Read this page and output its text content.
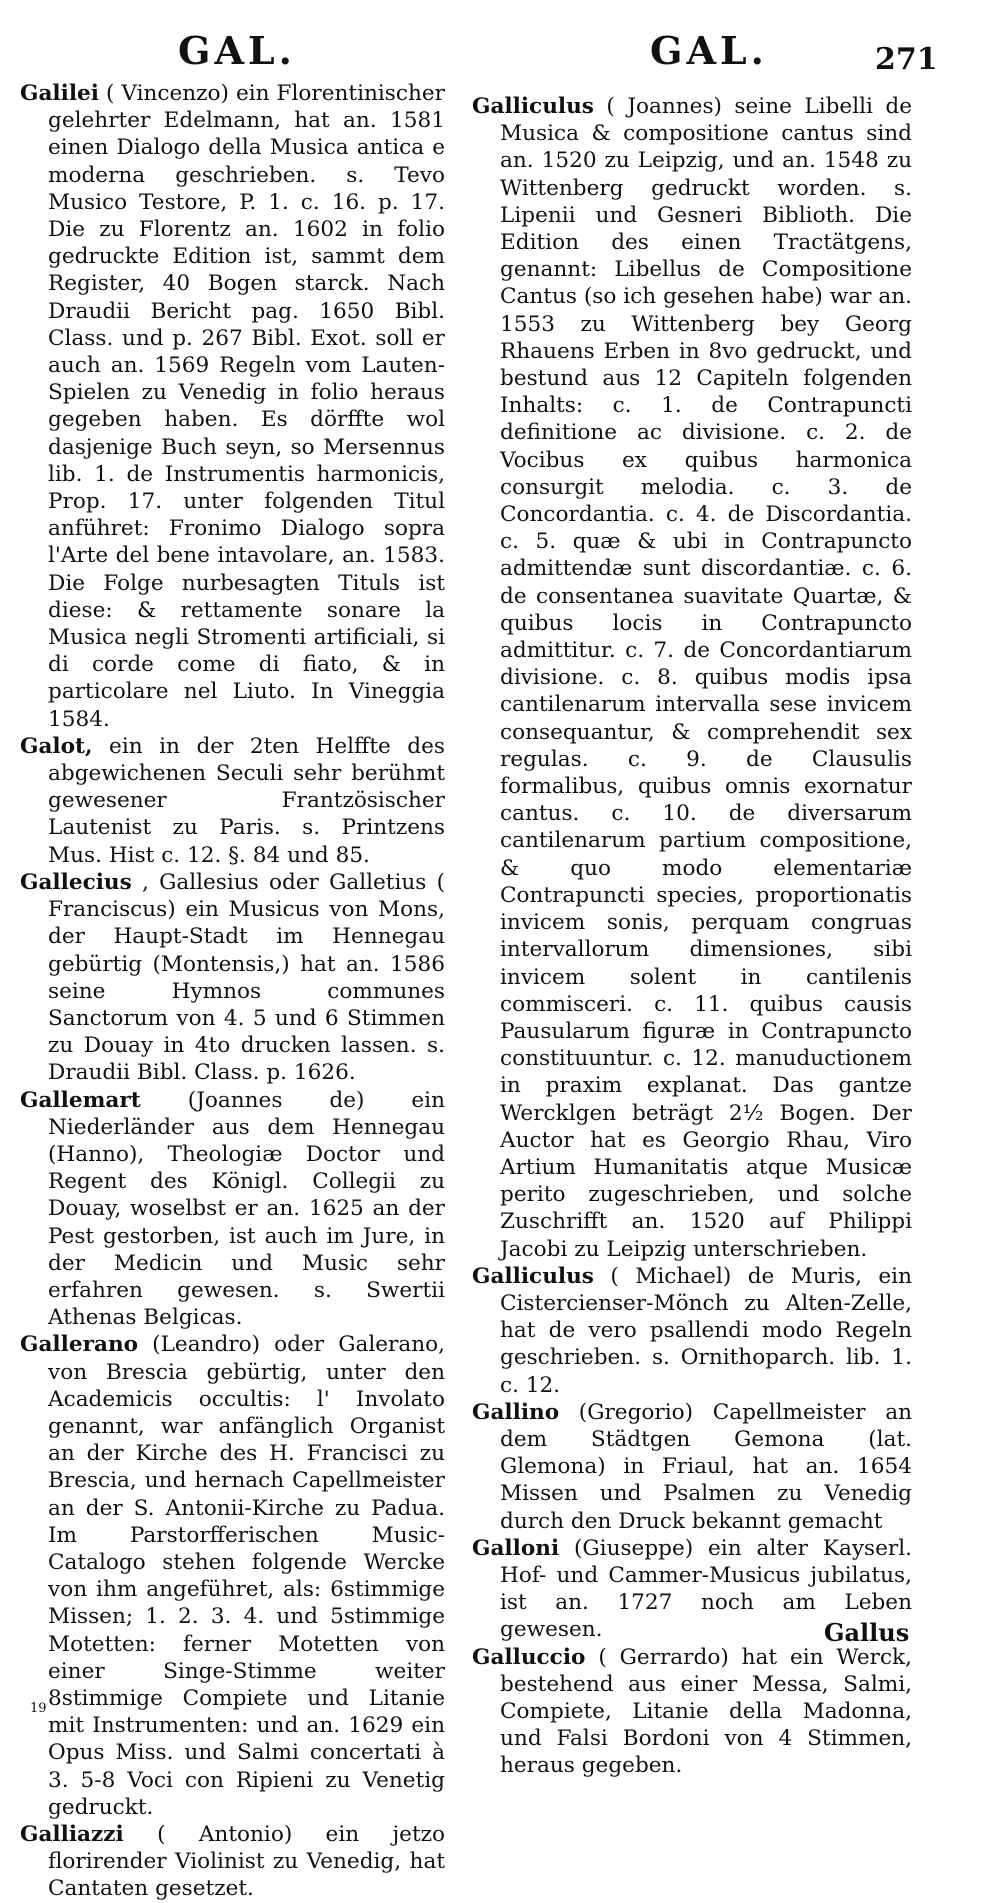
GAL.	GAL.	271

Galilei ( Vincenzo) ein Florentinischer gelehrter Edelmann, hat an. 1581 einen Dialogo della Musica antica e moderna geschrieben. s. Tevo Musico Testore, P. 1. c. 16. p. 17. Die zu Florentz an. 1602 in folio gedruckte Edition ist, sammt dem Register, 40 Bogen starck. Nach Draudii Bericht pag. 1650 Bibl. Class. und p. 267 Bibl. Exot. soll er auch an. 1569 Regeln vom Lauten-Spielen zu Venedig in folio heraus gegeben haben. Es dörffte wol dasjenige Buch seyn, so Mersennus lib. 1. de Instrumentis harmonicis, Prop. 17. unter folgenden Titul anführet: Fronimo Dialogo sopra l'Arte del bene intavolare, an. 1583. Die Folge nurbesagten Tituls ist diese: & rettamente sonare la Musica negli Stromenti artificiali, si di corde come di fiato, & in particolare nel Liuto. In Vineggia 1584.

Galot, ein in der 2ten Helffte des abgewichenen Seculi sehr berühmt gewesener Frantzösischer Lautenist zu Paris. s. Printzens Mus. Hist c. 12. §. 84 und 85.

Gallecius , Gallesius oder Galletius ( Franciscus) ein Musicus von Mons, der Haupt-Stadt im Hennegau gebürtig (Montensis,) hat an. 1586 seine Hymnos communes Sanctorum von 4. 5 und 6 Stimmen zu Douay in 4to drucken lassen. s. Draudii Bibl. Class. p. 1626.

Gallemart (Joannes de) ein Niederländer aus dem Hennegau (Hanno), Theologiæ Doctor und Regent des Königl. Collegii zu Douay, woselbst er an. 1625 an der Pest gestorben, ist auch im Jure, in der Medicin und Music sehr erfahren gewesen. s. Swertii Athenas Belgicas.

Gallerano (Leandro) oder Galerano, von Brescia gebürtig, unter den Academicis occultis: l' Involato genannt, war anfänglich Organist an der Kirche des H. Francisci zu Brescia, und hernach Capellmeister an der S. Antonii-Kirche zu Padua. Im Parstorfferischen Music-Catalogo stehen folgende Wercke von ihm angeführet, als: 6stimmige Missen; 1. 2. 3. 4. und 5stimmige Motetten: ferner Motetten von einer Singe-Stimme weiter 8stimmige Compiete und Litanie mit Instrumenten: und an. 1629 ein Opus Miss. und Salmi concertati à 3. 5-8 Voci con Ripieni zu Venetig gedruckt.

Galliazzi ( Antonio) ein jetzo florirender Violinist zu Venedig, hat Cantaten gesetzet.

Galliculus ( Joannes) seine Libelli de Musica & compositione cantus sind an. 1520 zu Leipzig, und an. 1548 zu Wittenberg gedruckt worden. s. Lipenii und Gesneri Biblioth. Die Edition des einen Tractätgens, genannt: Libellus de Compositione Cantus (so ich gesehen habe) war an. 1553 zu Wittenberg bey Georg Rhauens Erben in 8vo gedruckt, und bestund aus 12 Capiteln folgenden Inhalts: c. 1. de Contrapuncti definitione ac divisione. c. 2. de Vocibus ex quibus harmonica consurgit melodia. c. 3. de Concordantia. c. 4. de Discordantia. c. 5. quæ & ubi in Contrapuncto admittendæ sunt discordantiæ. c. 6. de consentanea suavitate Quartæ, & quibus locis in Contrapuncto admittitur. c. 7. de Concordantiarum divisione. c. 8. quibus modis ipsa cantilenarum intervalla sese invicem consequantur, & comprehendit sex regulas. c. 9. de Clausulis formalibus, quibus omnis exornatur cantus. c. 10. de diversarum cantilenarum partium compositione, & quo modo elementariæ Contrapuncti species, proportionatis invicem sonis, perquam congruas intervallorum dimensiones, sibi invicem solent in cantilenis commisceri. c. 11. quibus causis Pausularum figuræ in Contrapuncto constituuntur. c. 12. manuductionem in praxim explanat. Das gantze Wercklgen beträgt 2½ Bogen. Der Auctor hat es Georgio Rhau, Viro Artium Humanitatis atque Musicæ perito zugeschrieben, und solche Zuschrifft an. 1520 auf Philippi Jacobi zu Leipzig unterschrieben.

Galliculus ( Michael) de Muris, ein Cistercienser-Mönch zu Alten-Zelle, hat de vero psallendi modo Regeln geschrieben. s. Ornithoparch. lib. 1. c. 12.

Gallino (Gregorio) Capellmeister an dem Städtgen Gemona (lat. Glemona) in Friaul, hat an. 1654 Missen und Psalmen zu Venedig durch den Druck bekannt gemacht

Galloni (Giuseppe) ein alter Kayserl. Hof- und Cammer-Musicus jubilatus, ist an. 1727 noch am Leben gewesen.

Galluccio ( Gerrardo) hat ein Werck, bestehend aus einer Messa, Salmi, Compiete, Litanie della Madonna, und Falsi Bordoni von 4 Stimmen, heraus gegeben.

Gallus
19
